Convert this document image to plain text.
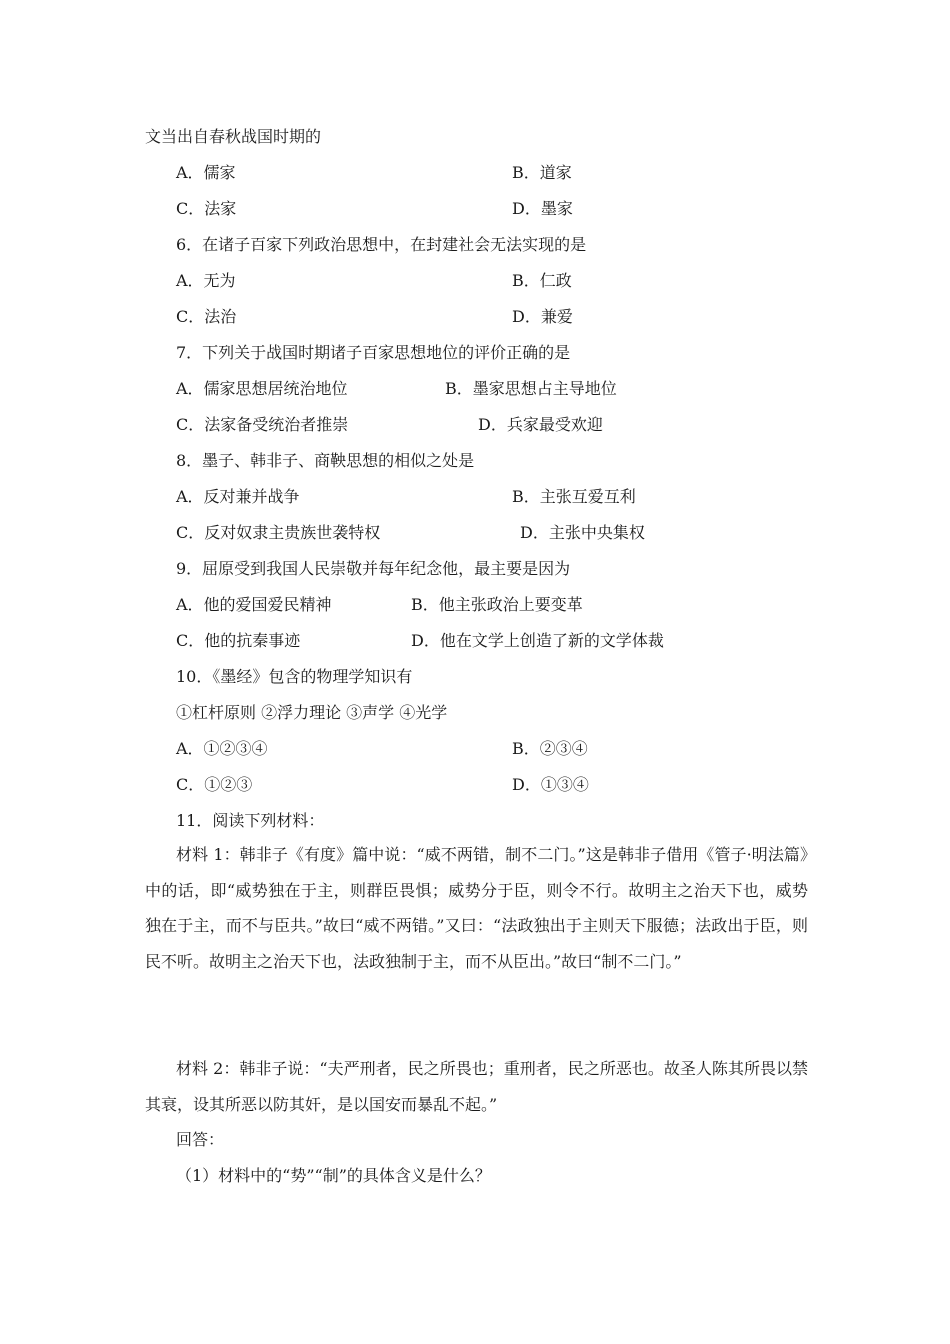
文当出自春秋战国时期的
A．儒家	B．道家
C．法家	D．墨家
6．在诸子百家下列政治思想中，在封建社会无法实现的是
A．无为	B．仁政
C．法治	D．兼爱
7．下列关于战国时期诸子百家思想地位的评价正确的是
A．儒家思想居统治地位	B．墨家思想占主导地位
C．法家备受统治者推崇	D．兵家最受欢迎
8．墨子、韩非子、商鞅思想的相似之处是
A．反对兼并战争	B．主张互爱互利
C．反对奴隶主贵族世袭特权	D．主张中央集权
9．屈原受到我国人民崇敬并每年纪念他，最主要是因为
A．他的爱国爱民精神	B．他主张政治上要变革
C．他的抗秦事迹	D．他在文学上创造了新的文学体裁
10．《墨经》包含的物理学知识有
①杠杆原则 ②浮力理论 ③声学 ④光学
A．①②③④	B．②③④
C．①②③	D．①③④
11．阅读下列材料：
材料 1：韩非子《有度》篇中说：“威不两错，制不二门。”这是韩非子借用《管子·明法篇》中的话，即“威势独在于主，则群臣畏惧；威势分于臣，则令不行。故明主之治天下也，威势独在于主，而不与臣共。”故曰“威不两错。”又曰：“法政独出于主则天下服德；法政出于臣，则民不听。故明主之治天下也，法政独制于主，而不从臣出。”故曰“制不二门。”
材料 2：韩非子说：“夫严刑者，民之所畏也；重刑者，民之所恶也。故圣人陈其所畏以禁其衰，设其所恶以防其奸，是以国安而暴乱不起。”
回答：
（1）材料中的“势”“制”的具体含义是什么？
